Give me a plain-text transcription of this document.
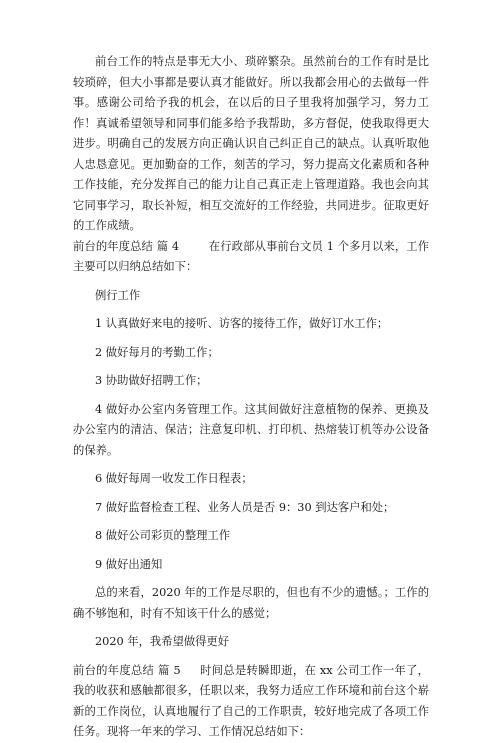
前台工作的特点是事无大小、琐碎繁杂。虽然前台的工作有时是比较琐碎，但大小事都是要认真才能做好。所以我都会用心的去做每一件事。感谢公司给予我的机会，在以后的日子里我将加强学习，努力工作！真诚希望领导和同事们能多给予我帮助，多方督促，使我取得更大进步。明确自己的发展方向正确认识自己纠正自己的缺点。认真听取他人忠恳意见。更加勤奋的工作，刻苦的学习，努力提高文化素质和各种工作技能，充分发挥自己的能力让自己真正走上管理道路。我也会向其它同事学习，取长补短，相互交流好的工作经验，共同进步。征取更好的工作成绩。

前台的年度总结 篇 4	在行政部从事前台文员 1 个多月以来，工作主要可以归纳总结如下：

例行工作

1 认真做好来电的接听、访客的接待工作，做好订水工作；

2 做好每月的考勤工作；

3 协助做好招聘工作；

4 做好办公室内务管理工作。这其间做好注意植物的保养、更换及办公室内的清洁、保洁；注意复印机、打印机、热熔装订机等办公设备的保养。

6 做好每周一收发工作日程表；

7 做好监督检查工程、业务人员是否 9：30 到达客户和处；

8 做好公司彩页的整理工作

9 做好出通知

总的来看，2020 年的工作是尽职的，但也有不少的遗憾。；工作的确不够饱和，时有不知该干什么的感觉；

2020 年，我希望做得更好

前台的年度总结 篇 5 时间总是转瞬即逝，在 xx 公司工作一年了，我的收获和感触都很多，任职以来，我努力适应工作环境和前台这个崭新的工作岗位，认真地履行了自己的工作职责，较好地完成了各项工作任务。现将一年来的学习、工作情况总结如下：
